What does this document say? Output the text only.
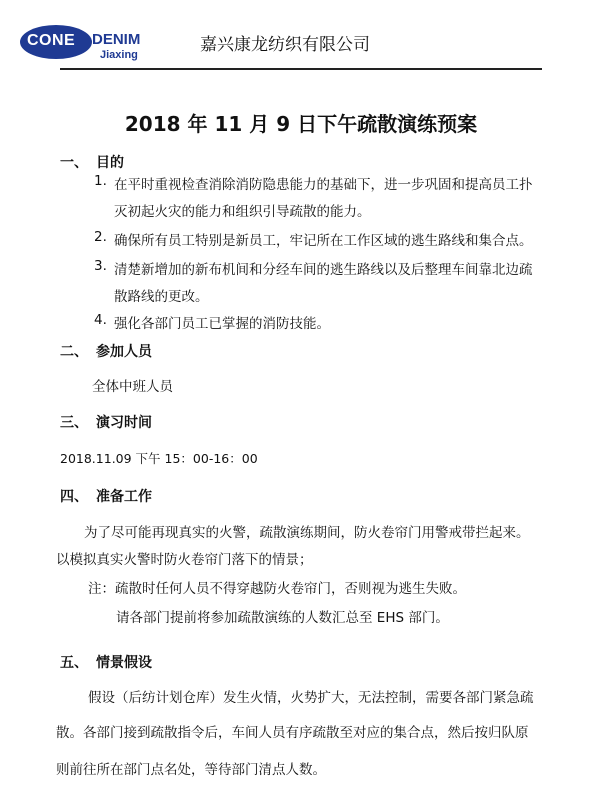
CONE DENIM
Jiaxing	嘉兴康龙纺织有限公司
2018 年 11 月 9 日下午疏散演练预案
一、 目的
1. 在平时重视检查消除消防隐患能力的基础下，进一步巩固和提高员工扑
灭初起火灾的能力和组织引导疏散的能力。
2. 确保所有员工特别是新员工，牢记所在工作区域的逃生路线和集合点。
3. 清楚新增加的新布机间和分经车间的逃生路线以及后整理车间靠北边疏
散路线的更改。
4. 强化各部门员工已掌握的消防技能。
二、 参加人员
全体中班人员
三、 演习时间
2018.11.09 下午 15：00-16：00
四、 准备工作
为了尽可能再现真实的火警，疏散演练期间，防火卷帘门用警戒带拦起来。
以模拟真实火警时防火卷帘门落下的情景；
注：疏散时任何人员不得穿越防火卷帘门，否则视为逃生失败。
请各部门提前将参加疏散演练的人数汇总至 EHS 部门。
五、 情景假设
假设（后纺计划仓库）发生火情，火势扩大，无法控制，需要各部门紧急疏
散。各部门接到疏散指令后，车间人员有序疏散至对应的集合点，然后按归队原
则前往所在部门点名处，等待部门清点人数。
